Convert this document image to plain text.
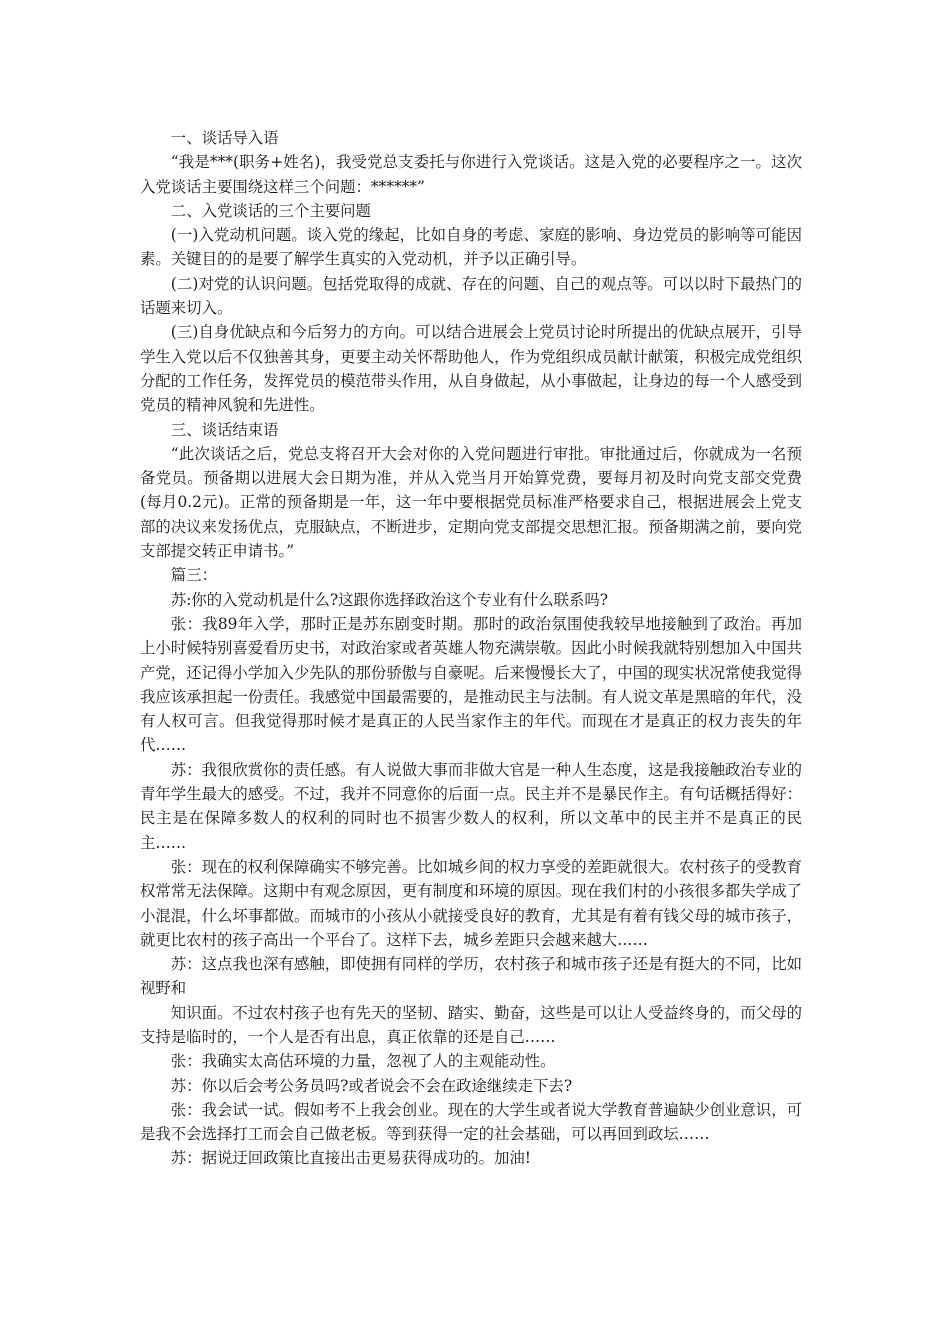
一、谈话导入语

“我是***(职务+姓名)，我受党总支委托与你进行入党谈话。这是入党的必要程序之一。这次入党谈话主要围绕这样三个问题：******”

二、入党谈话的三个主要问题

(一)入党动机问题。谈入党的缘起，比如自身的考虑、家庭的影响、身边党员的影响等可能因素。关键目的的是要了解学生真实的入党动机，并予以正确引导。

(二)对党的认识问题。包括党取得的成就、存在的问题、自己的观点等。可以以时下最热门的话题来切入。

(三)自身优缺点和今后努力的方向。可以结合进展会上党员讨论时所提出的优缺点展开，引导学生入党以后不仅独善其身，更要主动关怀帮助他人，作为党组织成员献计献策，积极完成党组织分配的工作任务，发挥党员的模范带头作用，从自身做起，从小事做起，让身边的每一个人感受到党员的精神风貌和先进性。

三、谈话结束语

“此次谈话之后，党总支将召开大会对你的入党问题进行审批。审批通过后，你就成为一名预备党员。预备期以进展大会日期为准，并从入党当月开始算党费，要每月初及时向党支部交党费(每月0.2元)。正常的预备期是一年，这一年中要根据党员标准严格要求自己，根据进展会上党支部的决议来发扬优点，克服缺点，不断进步，定期向党支部提交思想汇报。预备期满之前，要向党支部提交转正申请书。”

篇三：

苏:你的入党动机是什么?这跟你选择政治这个专业有什么联系吗?

张：我89年入学，那时正是苏东剧变时期。那时的政治氛围使我较早地接触到了政治。再加上小时候特别喜爱看历史书，对政治家或者英雄人物充满崇敬。因此小时候我就特别想加入中国共产党，还记得小学加入少先队的那份骄傲与自豪呢。后来慢慢长大了，中国的现实状况常使我觉得我应该承担起一份责任。我感觉中国最需要的，是推动民主与法制。有人说文革是黑暗的年代，没有人权可言。但我觉得那时候才是真正的人民当家作主的年代。而现在才是真正的权力丧失的年代……

苏：我很欣赏你的责任感。有人说做大事而非做大官是一种人生态度，这是我接触政治专业的青年学生最大的感受。不过，我并不同意你的后面一点。民主并不是暴民作主。有句话概括得好：民主是在保障多数人的权利的同时也不损害少数人的权利，所以文革中的民主并不是真正的民主……

张：现在的权利保障确实不够完善。比如城乡间的权力享受的差距就很大。农村孩子的受教育权常常无法保障。这期中有观念原因，更有制度和环境的原因。现在我们村的小孩很多都失学成了小混混，什么坏事都做。而城市的小孩从小就接受良好的教育，尤其是有着有钱父母的城市孩子，就更比农村的孩子高出一个平台了。这样下去，城乡差距只会越来越大……

苏：这点我也深有感触，即使拥有同样的学历，农村孩子和城市孩子还是有挺大的不同，比如视野和

知识面。不过农村孩子也有先天的坚韧、踏实、勤奋，这些是可以让人受益终身的，而父母的支持是临时的，一个人是否有出息，真正依靠的还是自己……

张：我确实太高估环境的力量，忽视了人的主观能动性。

苏：你以后会考公务员吗?或者说会不会在政途继续走下去?

张：我会试一试。假如考不上我会创业。现在的大学生或者说大学教育普遍缺少创业意识，可是我不会选择打工而会自己做老板。等到获得一定的社会基础，可以再回到政坛……

苏：据说迂回政策比直接出击更易获得成功的。加油!
